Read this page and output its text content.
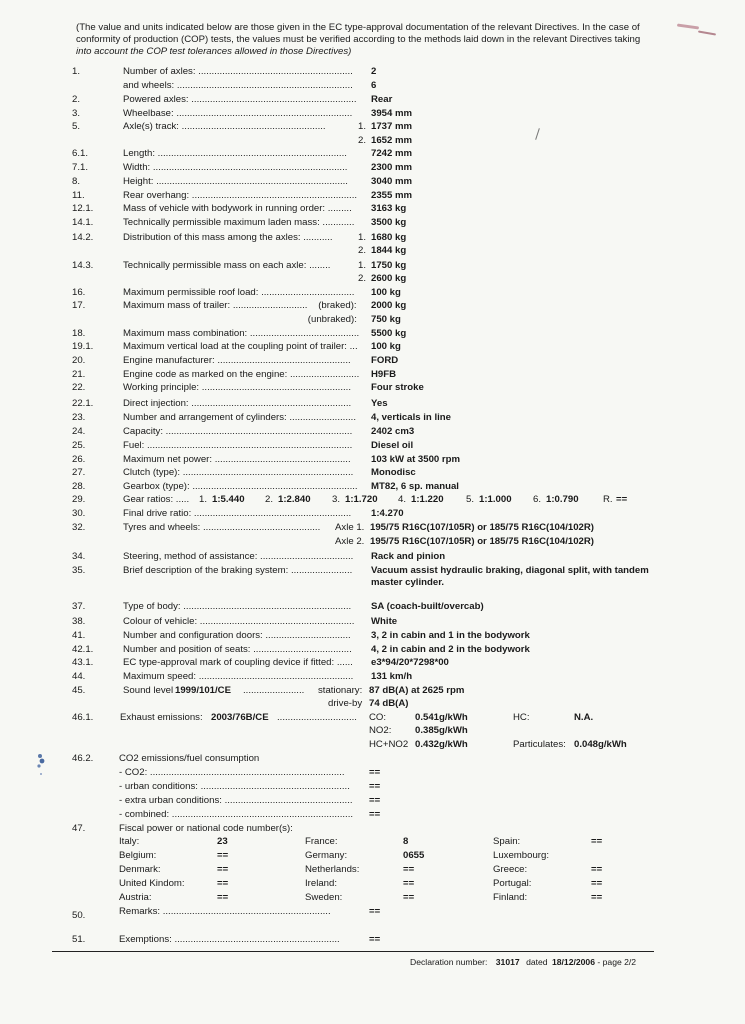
(The value and units indicated below are those given in the EC type-approval documentation of the relevant Directives. In the case of
conformity of production (COP) tests, the values must be verified according to the methods laid down in the relevant Directives taking
into account the COP test tolerances allowed in those Directives)

1.	Number of axles: .......................................................... 2
and wheels: .................................................................. 6
2.	Powered axles: .............................................................. Rear
3.	Wheelbase: .................................................................. 3954 mm
5.	Axle(s) track: ......................................................	1. 1737 mm
2. 1652 mm
6.1.	Length: .......................................................................	7242 mm
7.1.	Width: ......................................................................... 2300 mm
8.	Height: ........................................................................ 3040 mm
11.	Rear overhang: .............................................................. 2355 mm
12.1.	Mass of vehicle with bodywork in running order: ......... 3163 kg
14.1.	Technically permissible maximum laden mass: ............ 3500 kg
14.2.	Distribution of this mass among the axles: ...........	1. 1680 kg
2. 1844 kg
14.3.	Technically permissible mass on each axle: ........	1. 1750 kg
2. 2600 kg
16.	Maximum permissible roof load: ................................... 100 kg
17.	Maximum mass of trailer: ............................ (braked): 2000 kg
(unbraked): 750 kg
18.	Maximum mass combination: ......................................... 5500 kg
19.1.	Maximum vertical load at the coupling point of trailer: ... 100 kg
20.	Engine manufacturer: .................................................. FORD
21.	Engine code as marked on the engine: .......................... H9FB
22.	Working principle: ........................................................ Four stroke
22.1.	Direct injection: ............................................................ Yes
23.	Number and arrangement of cylinders: ......................... 4, verticals in line
24.	Capacity: ...................................................................... 2402 cm3
25.	Fuel: ............................................................................. Diesel oil
26.	Maximum net power: ................................................... 103 kW at 3500 rpm
27.	Clutch (type): ................................................................ Monodisc
28.	Gearbox (type): .............................................................. MT82, 6 sp. manual
30.	Final drive ratio: ........................................................... 1:4.270
34.	Steering, method of assistance: ................................... Rack and pinion
37.	Type of body: ............................................................... SA (coach-built/overcab)
38.	Colour of vehicle: .......................................................... White
41.	Number and configuration doors: ................................ 3, 2 in cabin and 1 in the bodywork
42.1.	Number and position of seats: ..................................... 4, 2 in cabin and 2 in the bodywork
43.1.	EC type-approval mark of coupling device if fitted: ...... e3*94/20*7298*00
44.	Maximum speed: .......................................................... 131 km/h
29.	Gear ratios: ..... 1. 1:5.440 2. 1:2.840 3. 1:1.720 4. 1:1.220 5. 1:1.000 6. 1:0.790	R. ==
32.	Tyres and wheels: ............................................ Axle 1. 195/75 R16C(107/105R) or 185/75 R16C(104/102R)
Axle 2. 195/75 R16C(107/105R) or 185/75 R16C(104/102R)
35.	Brief description of the braking system: ....................... Vacuum assist hydraulic braking, diagonal split, with tandem
master cylinder.
45.	Sound level 1999/101/CE ....................... stationary: 87 dB(A) at 2625 rpm
drive-by 74 dB(A)
46.1.	Exhaust emissions: 2003/76B/CE .............................. CO:	0.541g/kWh	HC:	N.A.
NO2: 0.385g/kWh
HC+NO2 0.432g/kWh	Particulates: 0.048g/kWh
46.2.	CO2 emissions/fuel consumption
- CO2: .........................................................................	==
- urban conditions: ........................................................ ==
- extra urban conditions: ................................................ ==
- combined: .................................................................... ==
47.	Fiscal power or national code number(s):
Italy:	23	France:	8	Spain:	==
Belgium:	==	Germany:	0655	Luxembourg:
Denmark:	==	Netherlands:	==	Greece:	==
United Kindom:	==	Ireland:	==	Portugal:	==
Austria:	==	Sweden:	==	Finland:	==
50.	Remarks: ...............................................................	==
51.	Exemptions: ..............................................................	==
Declaration number: 31017 dated 18/12/2006 - page 2/2
